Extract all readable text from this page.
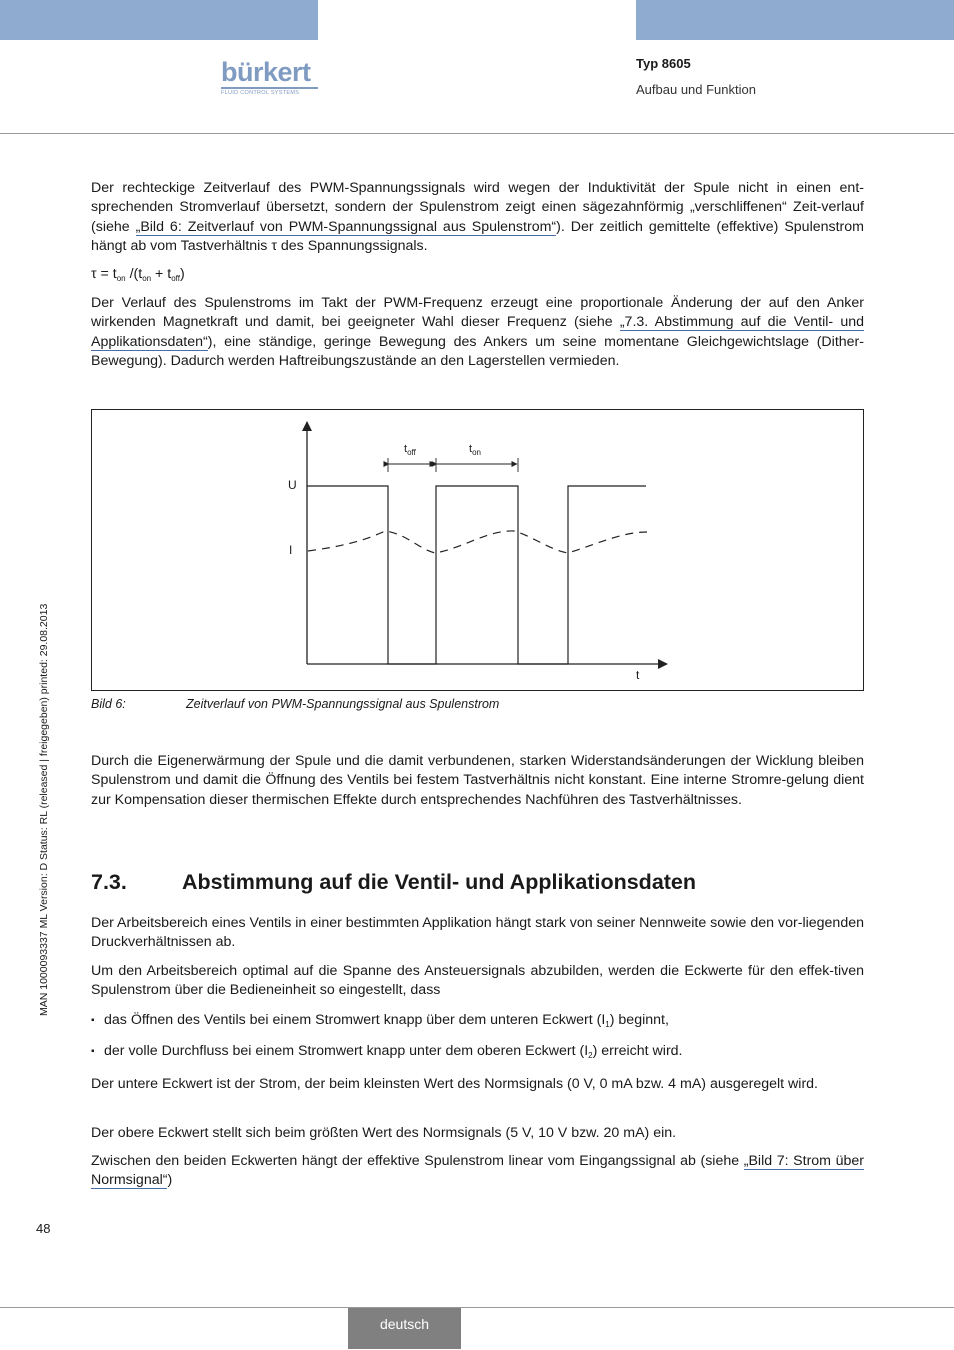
bürkert
FLUID CONTROL SYSTEMS
Typ 8605
Aufbau und Funktion
MAN 1000093337 ML Version: D Status: RL (released | freigegeben) printed: 29.08.2013

Der rechteckige Zeitverlauf des PWM-Spannungssignals wird wegen der Induktivität der Spule nicht in einen ent-sprechenden Stromverlauf übersetzt, sondern der Spulenstrom zeigt einen sägezahnförmig „verschliffenen“ Zeit-verlauf (siehe „Bild 6: Zeitverlauf von PWM-Spannungssignal aus Spulenstrom“). Der zeitlich gemittelte (effektive) Spulenstrom hängt ab vom Tastverhältnis τ des Spannungssignals.

$\tau = t_{on}$ $/(t_{on} + t_{off})$

Der Verlauf des Spulenstroms im Takt der PWM-Frequenz erzeugt eine proportionale Änderung der auf den Anker wirkenden Magnetkraft und damit, bei geeigneter Wahl dieser Frequenz (siehe „7.3. Abstimmung auf die Ventil- und Applikationsdaten“), eine ständige, geringe Bewegung des Ankers um seine momentane Gleichgewichtslage (Dither-Bewegung). Dadurch werden Haftreibungszustände an den Lagerstellen vermieden.

U
I
t
$t_{off}$	$t_{on}$
Bild 6:	Zeitverlauf von PWM-Spannungssignal aus Spulenstrom

Durch die Eigenerwärmung der Spule und die damit verbundenen, starken Widerstandsänderungen der Wicklung bleiben Spulenstrom und damit die Öffnung des Ventils bei festem Tastverhältnis nicht konstant. Eine interne Stromre-gelung dient zur Kompensation dieser thermischen Effekte durch entsprechendes Nachführen des Tastverhältnisses.

7.3.	Abstimmung auf die Ventil- und Applikationsdaten

Der Arbeitsbereich eines Ventils in einer bestimmten Applikation hängt stark von seiner Nennweite sowie den vor-liegenden Druckverhältnissen ab.

Um den Arbeitsbereich optimal auf die Spanne des Ansteuersignals abzubilden, werden die Eckwerte für den effek-tiven Spulenstrom über die Bedieneinheit so eingestellt, dass

▪ das Öffnen des Ventils bei einem Stromwert knapp über dem unteren Eckwert $(I_1)$ beginnt,
▪ der volle Durchfluss bei einem Stromwert knapp unter dem oberen Eckwert $(I_2)$ erreicht wird.

Der untere Eckwert ist der Strom, der beim kleinsten Wert des Normsignals (0 V, 0 mA bzw. 4 mA) ausgeregelt wird.

Der obere Eckwert stellt sich beim größten Wert des Normsignals (5 V, 10 V bzw. 20 mA) ein.

Zwischen den beiden Eckwerten hängt der effektive Spulenstrom linear vom Eingangssignal ab (siehe „Bild 7: Strom über Normsignal“)

48
deutsch
